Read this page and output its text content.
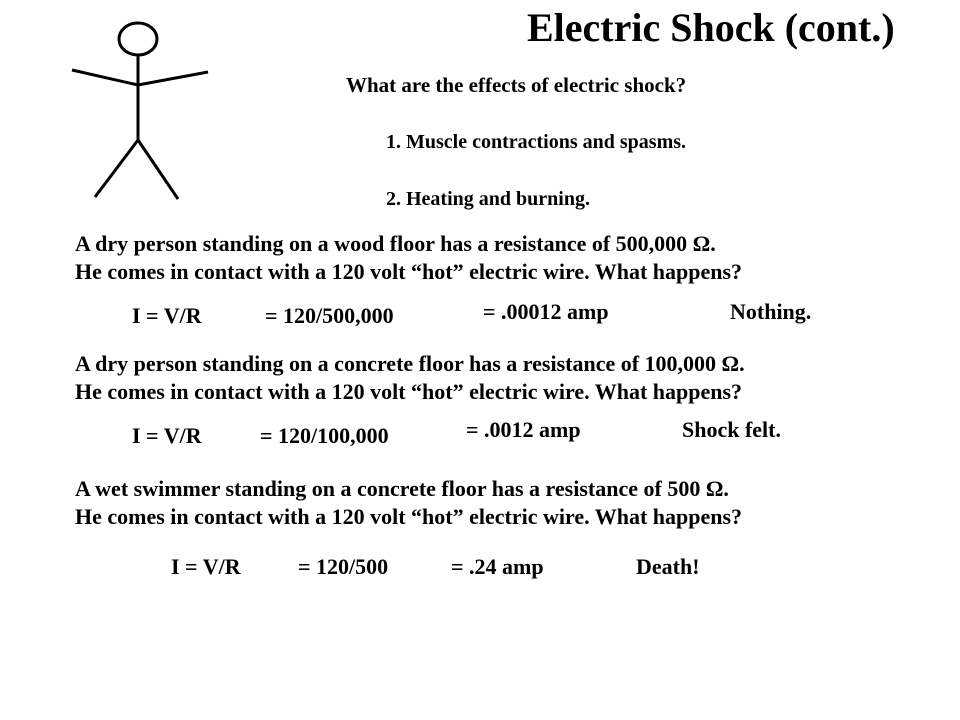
Electric Shock (cont.)
What are the effects of electric shock?
1. Muscle contractions and spasms.
2. Heating and burning.
A dry person standing on a wood floor has a resistance of 500,000 Ω.
He comes in contact with a 120 volt “hot” electric wire. What happens?
I = V/R	= 120/500,000	= .00012 amp	Nothing.
A dry person standing on a concrete floor has a resistance of 100,000 Ω.
He comes in contact with a 120 volt “hot” electric wire. What happens?
I = V/R	= 120/100,000	= .0012 amp	Shock felt.
A wet swimmer standing on a concrete floor has a resistance of 500 Ω.
He comes in contact with a 120 volt “hot” electric wire. What happens?
I = V/R	= 120/500	= .24 amp	Death!
